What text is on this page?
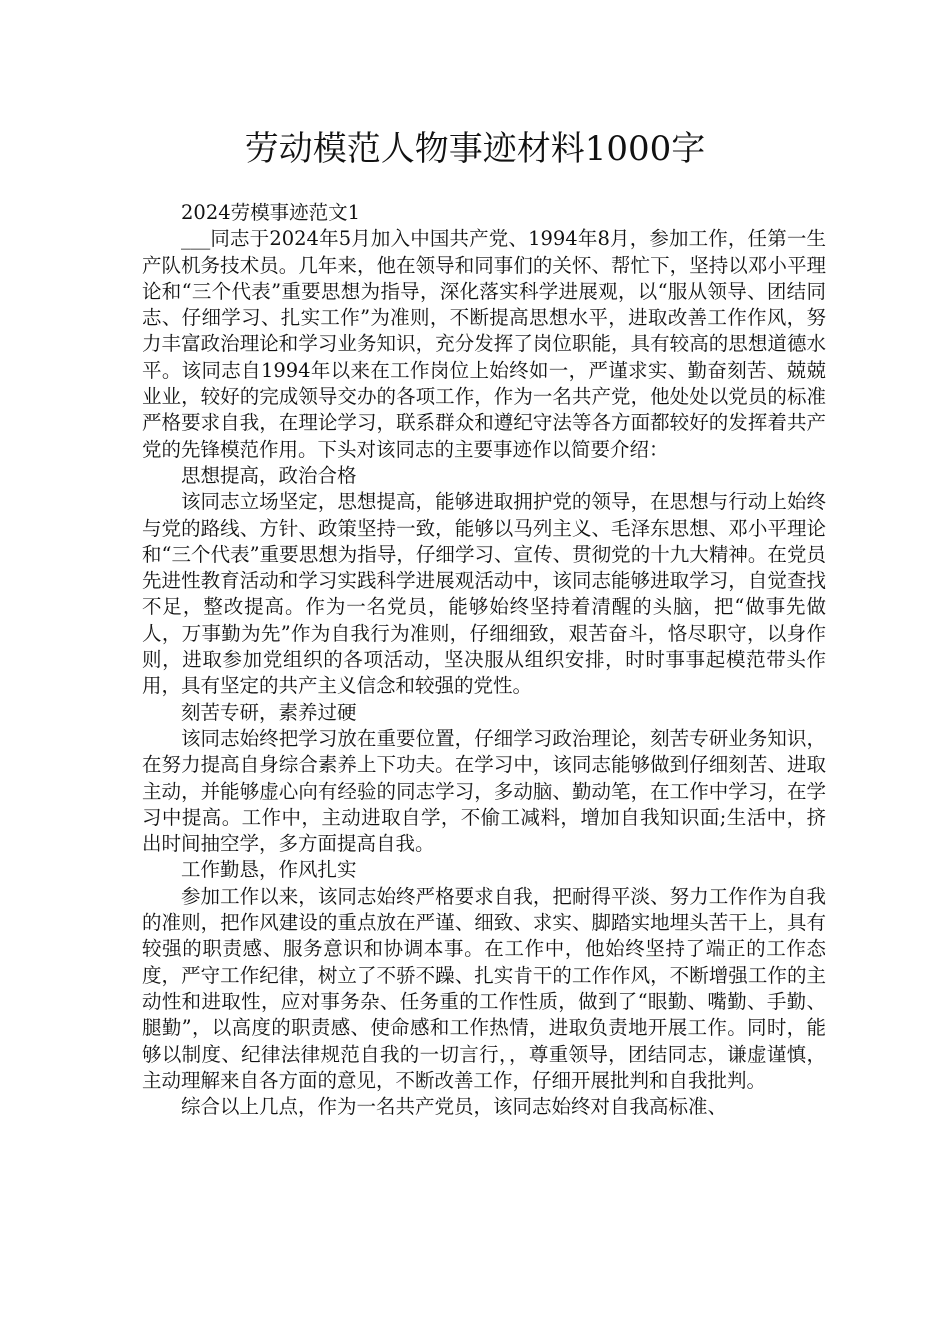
劳动模范人物事迹材料1000字

2024劳模事迹范文1

___同志于2024年5月加入中国共产党、1994年8月，参加工作，任第一生产队机务技术员。几年来，他在领导和同事们的关怀、帮忙下，坚持以邓小平理论和“三个代表”重要思想为指导，深化落实科学进展观，以“服从领导、团结同志、仔细学习、扎实工作”为准则，不断提高思想水平，进取改善工作作风，努力丰富政治理论和学习业务知识，充分发挥了岗位职能，具有较高的思想道德水平。该同志自1994年以来在工作岗位上始终如一，严谨求实、勤奋刻苦、兢兢业业，较好的完成领导交办的各项工作，作为一名共产党，他处处以党员的标准严格要求自我，在理论学习，联系群众和遵纪守法等各方面都较好的发挥着共产党的先锋模范作用。下头对该同志的主要事迹作以简要介绍：

思想提高，政治合格

该同志立场坚定，思想提高，能够进取拥护党的领导，在思想与行动上始终与党的路线、方针、政策坚持一致，能够以马列主义、毛泽东思想、邓小平理论和“三个代表”重要思想为指导，仔细学习、宣传、贯彻党的十九大精神。在党员先进性教育活动和学习实践科学进展观活动中，该同志能够进取学习，自觉查找不足，整改提高。作为一名党员，能够始终坚持着清醒的头脑，把“做事先做人，万事勤为先”作为自我行为准则，仔细细致，艰苦奋斗，恪尽职守，以身作则，进取参加党组织的各项活动，坚决服从组织安排，时时事事起模范带头作用，具有坚定的共产主义信念和较强的党性。

刻苦专研，素养过硬

该同志始终把学习放在重要位置，仔细学习政治理论，刻苦专研业务知识，在努力提高自身综合素养上下功夫。在学习中，该同志能够做到仔细刻苦、进取主动，并能够虚心向有经验的同志学习，多动脑、勤动笔，在工作中学习，在学习中提高。工作中，主动进取自学，不偷工减料，增加自我知识面;生活中，挤出时间抽空学，多方面提高自我。

工作勤恳，作风扎实

参加工作以来，该同志始终严格要求自我，把耐得平淡、努力工作作为自我的准则，把作风建设的重点放在严谨、细致、求实、脚踏实地埋头苦干上，具有较强的职责感、服务意识和协调本事。在工作中，他始终坚持了端正的工作态度，严守工作纪律，树立了不骄不躁、扎实肯干的工作作风，不断增强工作的主动性和进取性，应对事务杂、任务重的工作性质，做到了“眼勤、嘴勤、手勤、腿勤”，以高度的职责感、使命感和工作热情，进取负责地开展工作。同时，能够以制度、纪律法律规范自我的一切言行，，尊重领导，团结同志，谦虚谨慎，主动理解来自各方面的意见，不断改善工作，仔细开展批判和自我批判。

综合以上几点，作为一名共产党员，该同志始终对自我高标准、
